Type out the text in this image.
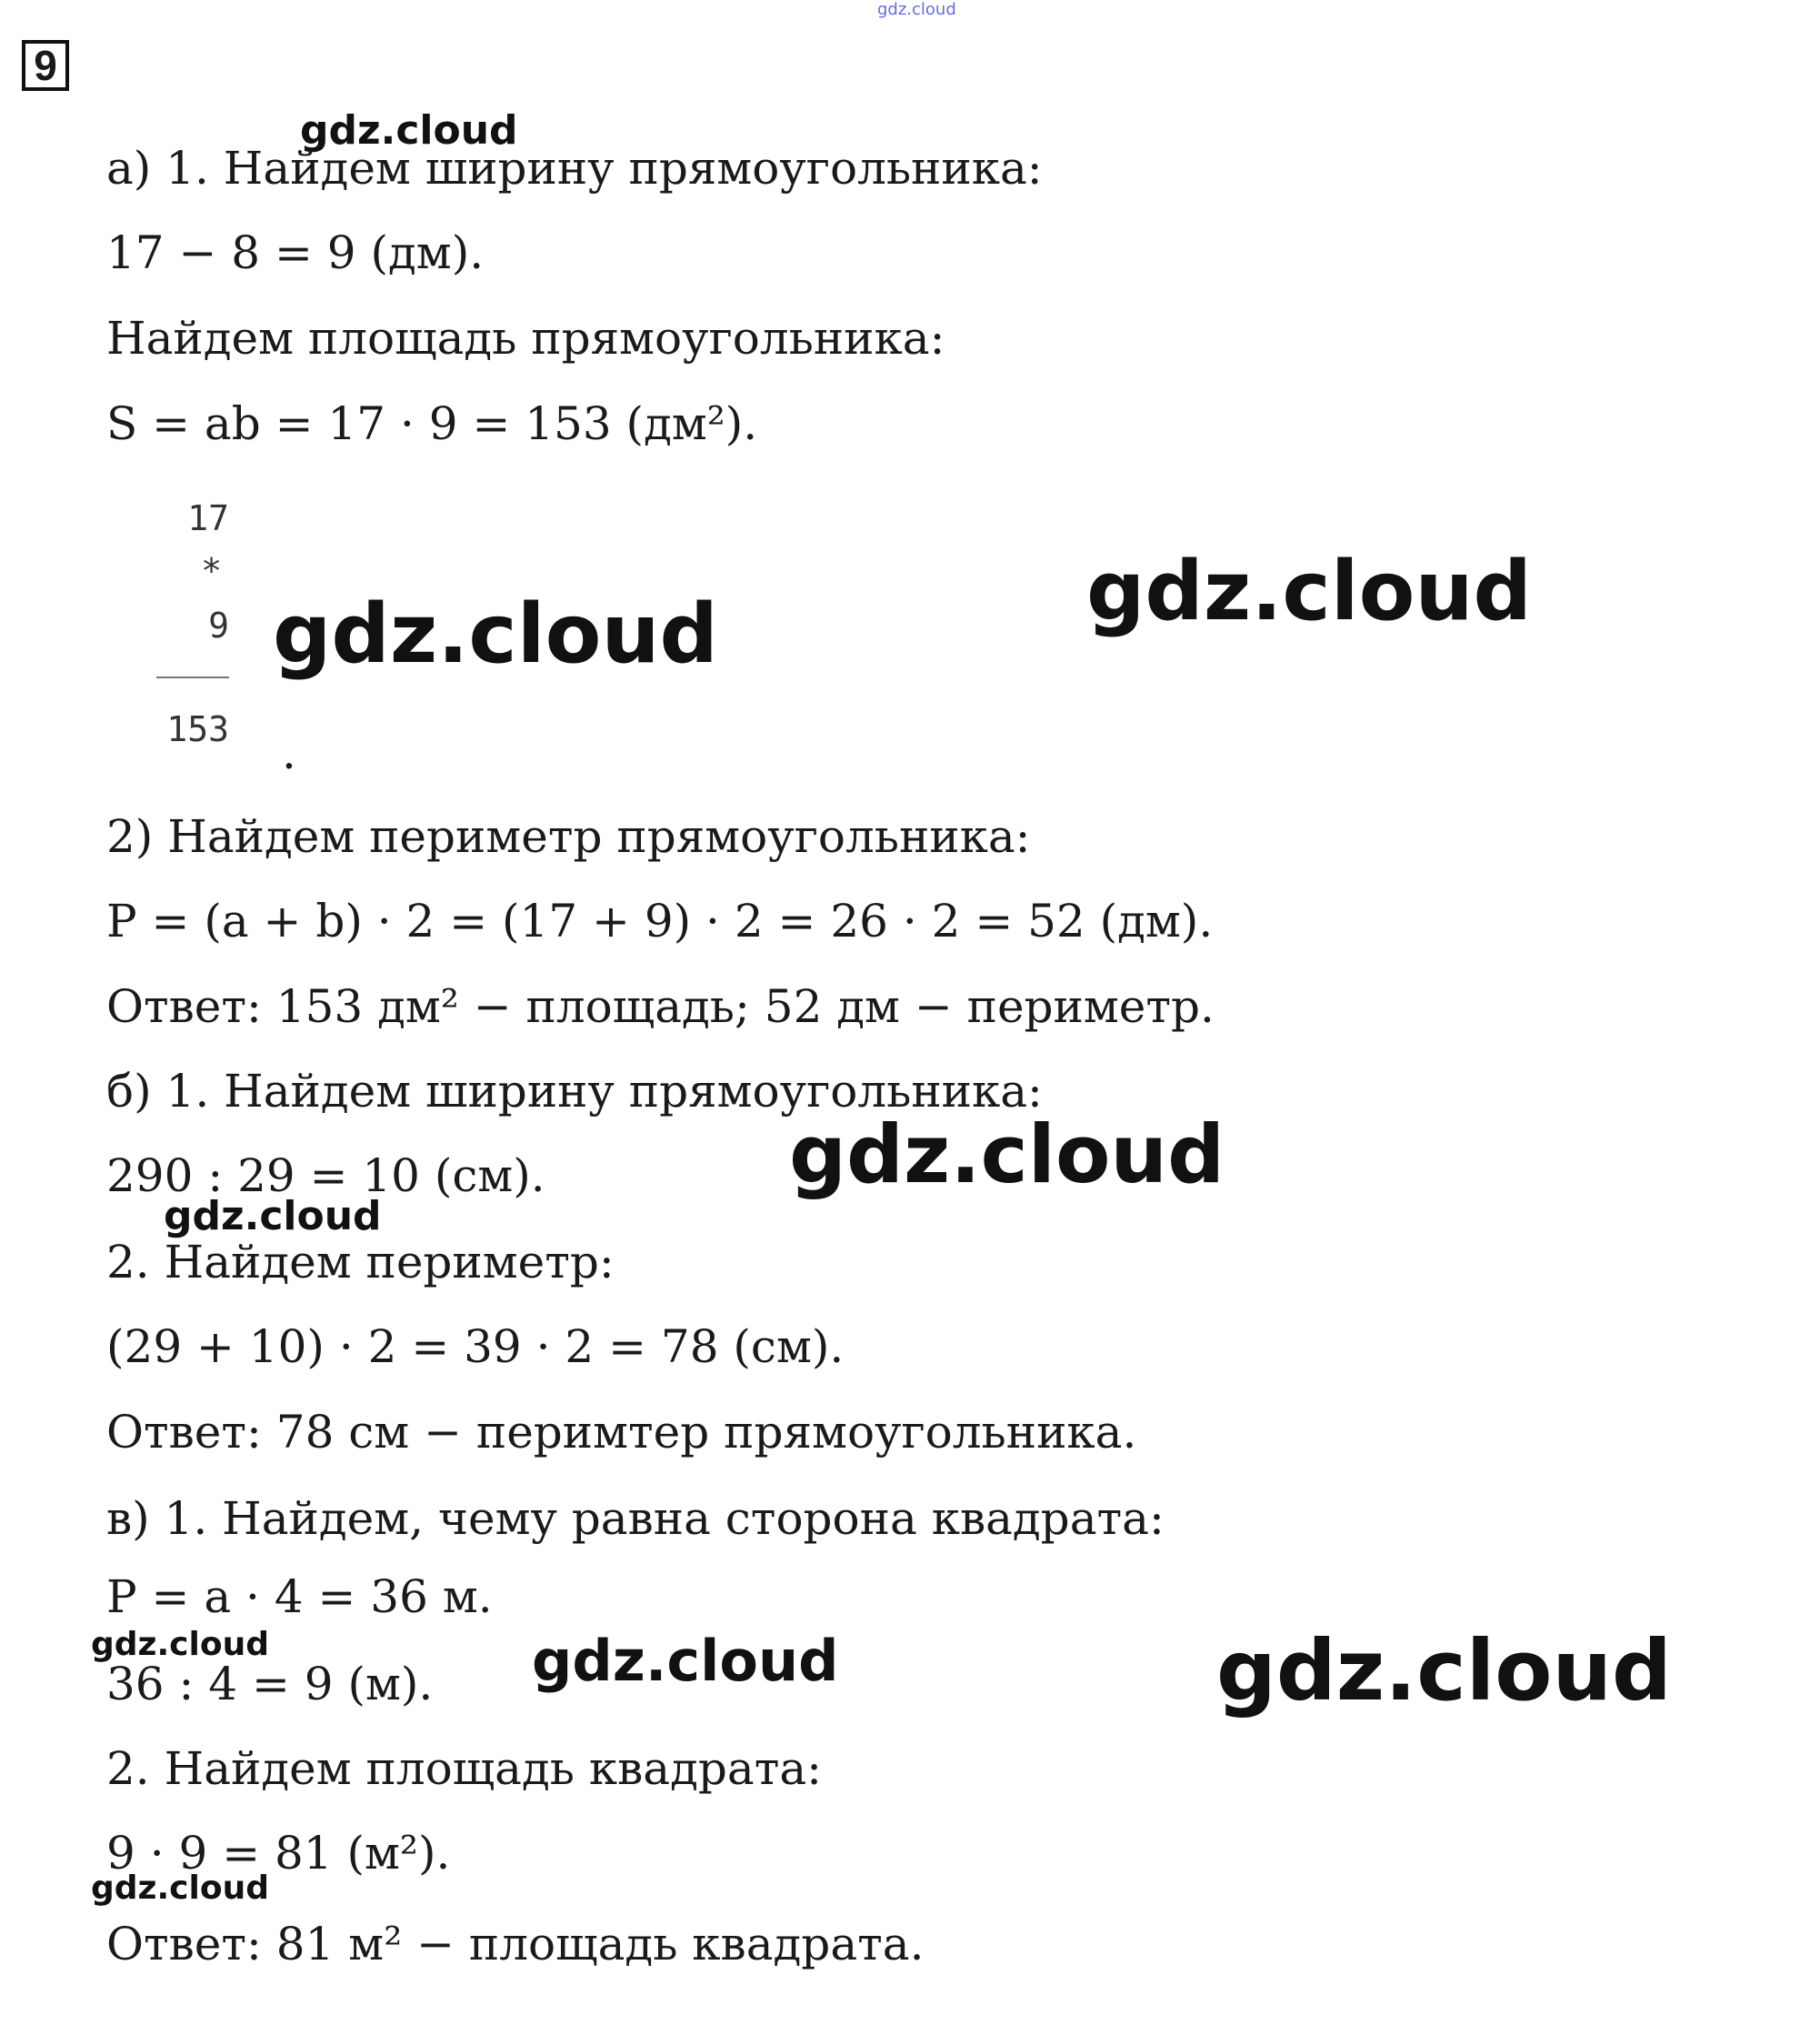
9
gdz.cloud
gdz.cloud
gdz.cloud	gdz.cloud
gdz.cloud
gdz.cloud
gdz.cloud	gdz.cloud	gdz.cloud
gdz.cloud
а) 1. Найдем ширину прямоугольника:
17 − 8 = 9 (дм).
Найдем площадь прямоугольника:
S = ab = 17 · 9 = 153 (дм²).
17
*
9
153 .
2) Найдем периметр прямоугольника:
P = (a + b) · 2 = (17 + 9) · 2 = 26 · 2 = 52 (дм).
Ответ: 153 дм² − площадь; 52 дм − периметр.
б) 1. Найдем ширину прямоугольника:
290 : 29 = 10 (см).
2. Найдем периметр:
(29 + 10) · 2 = 39 · 2 = 78 (см).
Ответ: 78 см − перимтер прямоугольника.
в) 1. Найдем, чему равна сторона квадрата:
P = a · 4 = 36 м.
36 : 4 = 9 (м).
2. Найдем площадь квадрата:
9 · 9 = 81 (м²).
Ответ: 81 м² − площадь квадрата.
